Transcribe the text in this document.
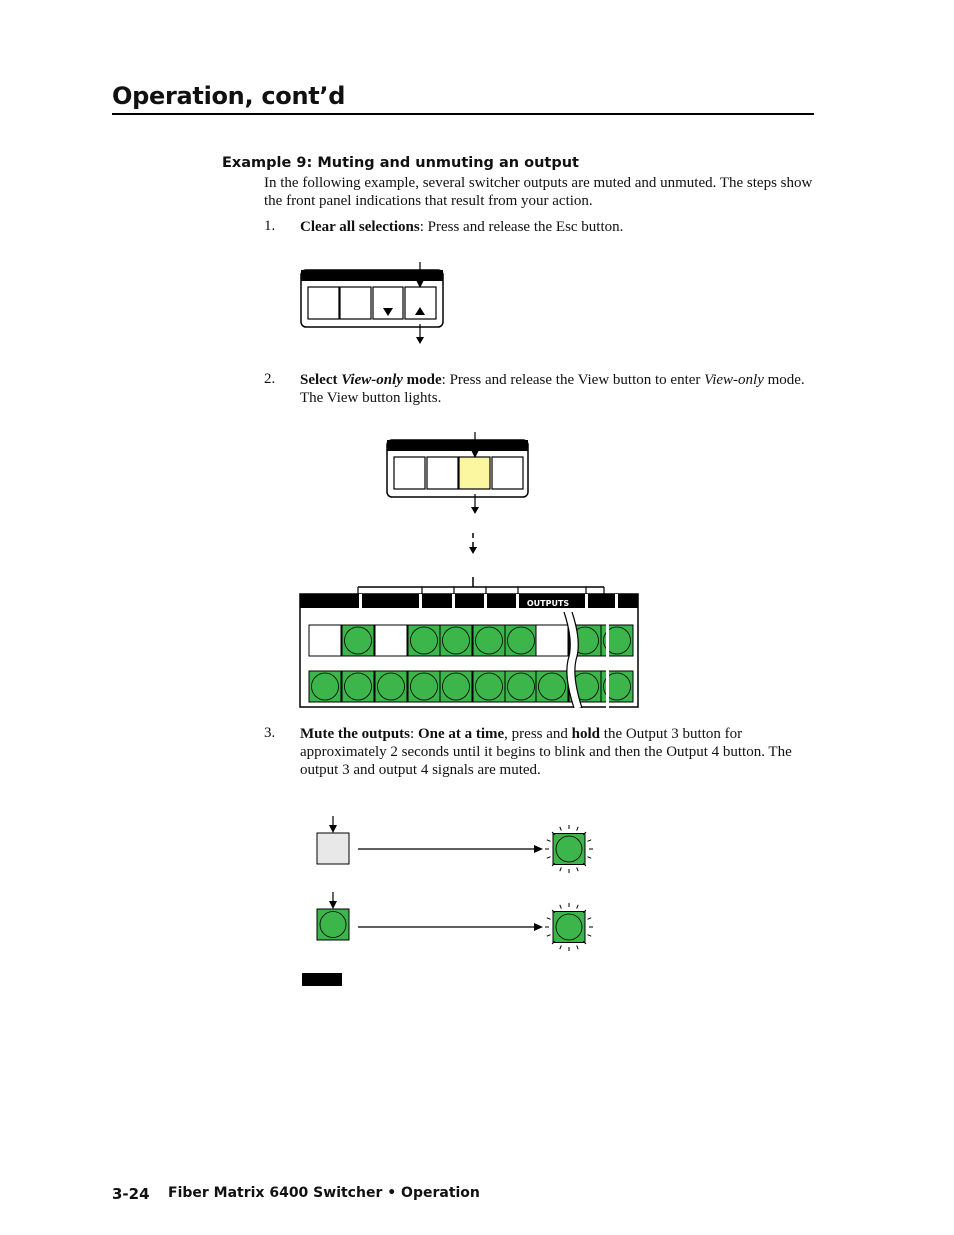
Operation, cont’d
Example 9: Muting and unmuting an output
In the following example, several switcher outputs are muted and unmuted. The steps show the front panel indications that result from your action.
1. Clear all selections: Press and release the Esc button.
2. Select View-only mode: Press and release the View button to enter View-only mode. The View button lights.
3. Mute the outputs: One at a time, press and hold the Output 3 button for approximately 2 seconds until it begins to blink and then the Output 4 button. The output 3 and output 4 signals are muted.
OUTPUTS
3-24 Fiber Matrix 6400 Switcher • Operation
